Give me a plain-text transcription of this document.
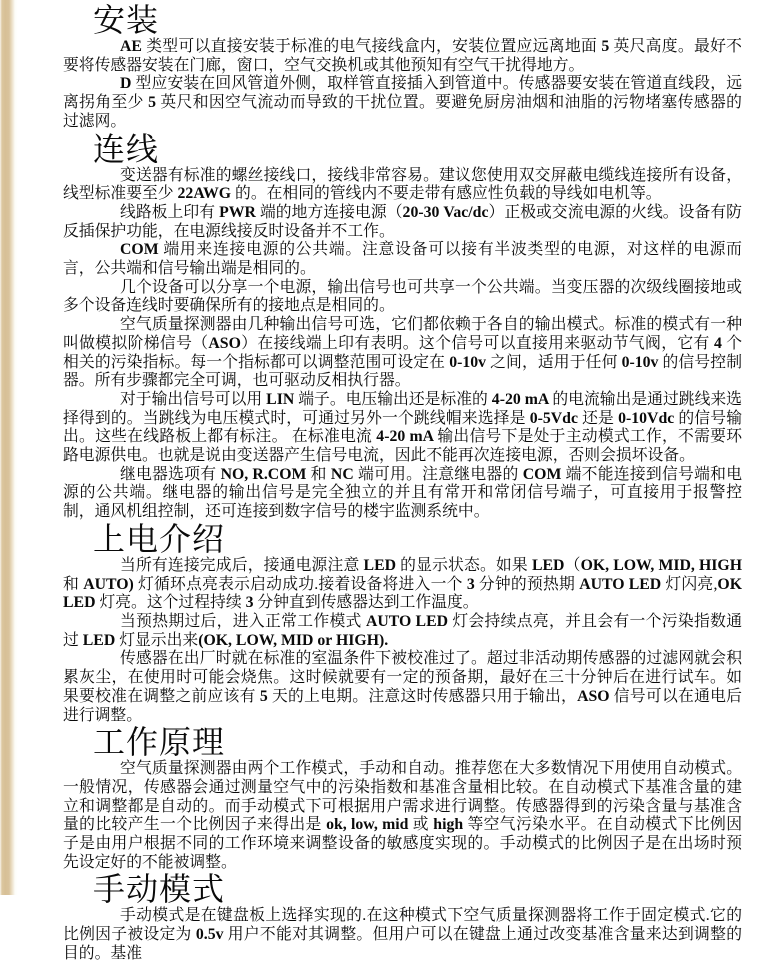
安装

AE 类型可以直接安装于标准的电气接线盒内，安装位置应远离地面 5 英尺高度。最好不要将传感器安装在门廊，窗口，空气交换机或其他预知有空气干扰得地方。

D 型应安装在回风管道外侧，取样管直接插入到管道中。传感器要安装在管道直线段，远离拐角至少 5 英尺和因空气流动而导致的干扰位置。要避免厨房油烟和油脂的污物堵塞传感器的过滤网。

连线

变送器有标准的螺丝接线口，接线非常容易。建议您使用双交屏蔽电缆线连接所有设备，线型标准要至少 22AWG 的。在相同的管线内不要走带有感应性负载的导线如电机等。

线路板上印有 PWR 端的地方连接电源（20-30 Vac/dc）正极或交流电源的火线。设备有防反插保护功能，在电源线接反时设备并不工作。

COM 端用来连接电源的公共端。注意设备可以接有半波类型的电源，对这样的电源而言，公共端和信号输出端是相同的。

几个设备可以分享一个电源，输出信号也可共享一个公共端。当变压器的次级线圈接地或多个设备连线时要确保所有的接地点是相同的。

空气质量探测器由几种输出信号可选，它们都依赖于各自的输出模式。标准的模式有一种叫做模拟阶梯信号（ASO）在接线端上印有表明。这个信号可以直接用来驱动节气阀，它有 4 个相关的污染指标。每一个指标都可以调整范围可设定在 0-10v 之间，适用于任何 0-10v 的信号控制器。所有步骤都完全可调，也可驱动反相执行器。

对于输出信号可以用 LIN 端子。电压输出还是标准的 4-20 mA 的电流输出是通过跳线来选择得到的。当跳线为电压模式时，可通过另外一个跳线帽来选择是 0-5Vdc 还是 0-10Vdc 的信号输出。这些在线路板上都有标注。 在标准电流 4-20 mA 输出信号下是处于主动模式工作，不需要环路电源供电。也就是说由变送器产生信号电流，因此不能再次连接电源，否则会损坏设备。

继电器选项有 NO, R.COM 和 NC 端可用。注意继电器的 COM 端不能连接到信号端和电源的公共端。继电器的输出信号是完全独立的并且有常开和常闭信号端子，可直接用于报警控制，通风机组控制，还可连接到数字信号的楼宇监测系统中。

上电介绍

当所有连接完成后，接通电源注意 LED 的显示状态。如果 LED（OK, LOW, MID, HIGH 和 AUTO) 灯循环点亮表示启动成功.接着设备将进入一个 3 分钟的预热期 AUTO LED 灯闪亮,OK LED 灯亮。这个过程持续 3 分钟直到传感器达到工作温度。

当预热期过后，进入正常工作模式 AUTO LED 灯会持续点亮，并且会有一个污染指数通过 LED 灯显示出来(OK, LOW, MID or HIGH).

传感器在出厂时就在标准的室温条件下被校准过了。超过非活动期传感器的过滤网就会积累灰尘，在使用时可能会烧焦。这时候就要有一定的预备期，最好在三十分钟后在进行试车。如果要校准在调整之前应该有 5 天的上电期。注意这时传感器只用于输出，ASO 信号可以在通电后进行调整。

工作原理

空气质量探测器由两个工作模式，手动和自动。推荐您在大多数情况下用使用自动模式。一般情况，传感器会通过测量空气中的污染指数和基准含量相比较。在自动模式下基准含量的建立和调整都是自动的。而手动模式下可根据用户需求进行调整。传感器得到的污染含量与基准含量的比较产生一个比例因子来得出是 ok, low, mid 或 high 等空气污染水平。在自动模式下比例因子是由用户根据不同的工作环境来调整设备的敏感度实现的。手动模式的比例因子是在出场时预先设定好的不能被调整。

手动模式

手动模式是在键盘板上选择实现的.在这种模式下空气质量探测器将工作于固定模式.它的比例因子被设定为 0.5v 用户不能对其调整。但用户可以在键盘上通过改变基准含量来达到调整的目的。基准
